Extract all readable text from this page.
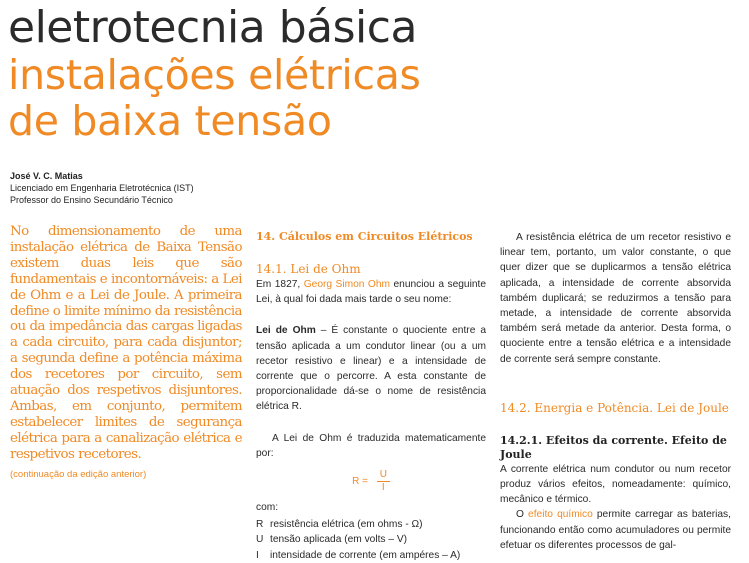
eletrotecnia básica
instalações elétricas
de baixa tensão
José V. C. Matias
Licenciado em Engenharia Eletrotécnica (IST)
Professor do Ensino Secundário Técnico

No dimensionamento de uma instalação elétrica de Baixa Tensão existem duas leis que são fundamentais e incontornáveis: a Lei de Ohm e a Lei de Joule. A primeira define o limite mínimo da resistência ou da impedância das cargas ligadas a cada circuito, para cada disjuntor; a segunda define a potência máxima dos recetores por circuito, sem atuação dos respetivos disjuntores. Ambas, em conjunto, permitem estabelecer limites de segurança elétrica para a canalização elétrica e respetivos recetores.

(continuação da edição anterior)

14. Cálculos em Circuitos Elétricos
14.1. Lei de Ohm

Em 1827, Georg Simon Ohm enunciou a seguinte Lei, à qual foi dada mais tarde o seu nome:

Lei de Ohm – É constante o quociente entre a tensão aplicada a um condutor linear (ou a um recetor resistivo e linear) e a intensidade de corrente que o percorre. A esta constante de proporcionalidade dá-se o nome de resistência elétrica R.

A Lei de Ohm é traduzida matematicamente por:

$R = \frac{U}{I}$

com:

R resistência elétrica (em ohms - Ω)
U tensão aplicada (em volts – V)
I	intensidade de corrente (em ampéres – A)

A resistência elétrica de um recetor resistivo e linear tem, portanto, um valor constante, o que quer dizer que se duplicarmos a tensão elétrica aplicada, a intensidade de corrente absorvida também duplicará; se reduzirmos a tensão para metade, a intensidade de corrente absorvida também será metade da anterior. Desta forma, o quociente entre a tensão elétrica e a intensidade de corrente será sempre constante.

14.2. Energia e Potência. Lei de Joule
14.2.1. Efeitos da corrente. Efeito de Joule

A corrente elétrica num condutor ou num recetor produz vários efeitos, nomeadamente: químico, mecânico e térmico.

O efeito químico permite carregar as baterias, funcionando então como acumuladores ou permite efetuar os diferentes processos de gal-
